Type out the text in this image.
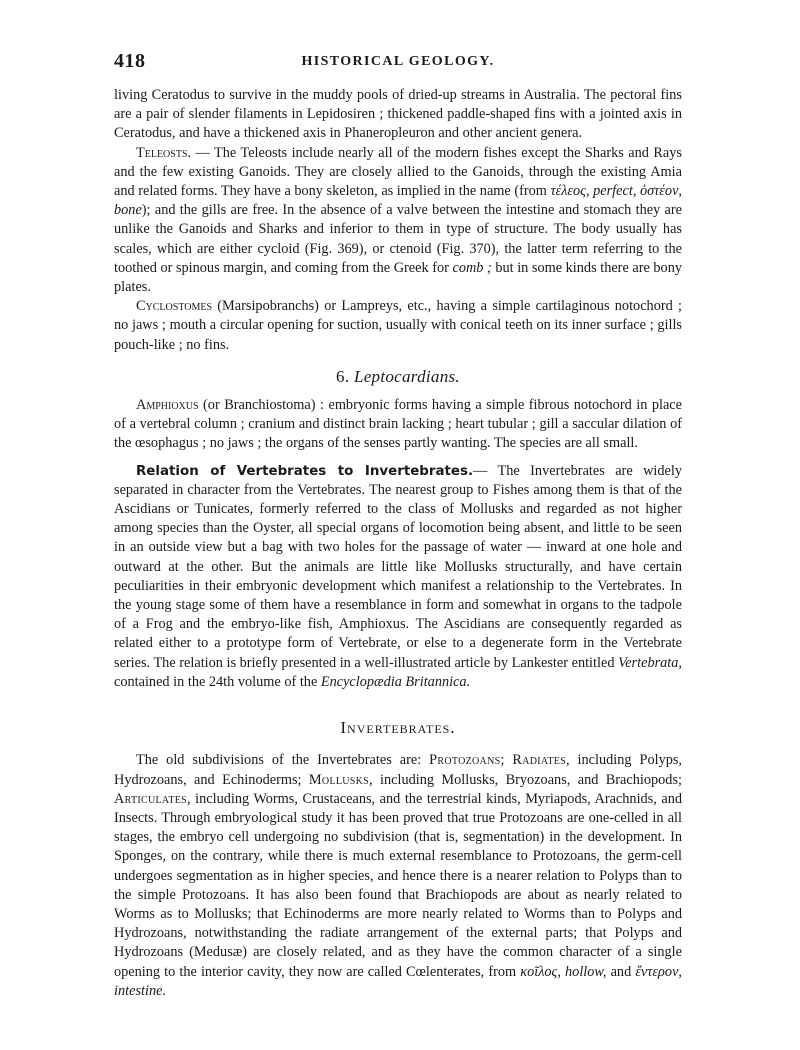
418	HISTORICAL GEOLOGY.

living Ceratodus to survive in the muddy pools of dried-up streams in Australia. The pectoral fins are a pair of slender filaments in Lepidosiren ; thickened paddle-shaped fins with a jointed axis in Ceratodus, and have a thickened axis in Phaneropleuron and other ancient genera.

Teleosts. — The Teleosts include nearly all of the modern fishes except the Sharks and Rays and the few existing Ganoids. They are closely allied to the Ganoids, through the existing Amia and related forms. They have a bony skeleton, as implied in the name (from τέλεος, perfect, ὀστέον, bone); and the gills are free. In the absence of a valve between the intestine and stomach they are unlike the Ganoids and Sharks and inferior to them in type of structure. The body usually has scales, which are either cycloid (Fig. 369), or ctenoid (Fig. 370), the latter term referring to the toothed or spinous margin, and coming from the Greek for comb ; but in some kinds there are bony plates.

Cyclostomes (Marsipobranchs) or Lampreys, etc., having a simple cartilaginous notochord ; no jaws ; mouth a circular opening for suction, usually with conical teeth on its inner surface ; gills pouch-like ; no fins.

6. Leptocardians.

Amphioxus (or Branchiostoma) : embryonic forms having a simple fibrous notochord in place of a vertebral column ; cranium and distinct brain lacking ; heart tubular ; gill a saccular dilation of the œsophagus ; no jaws ; the organs of the senses partly wanting. The species are all small.

Relation of Vertebrates to Invertebrates.— The Invertebrates are widely separated in character from the Vertebrates. The nearest group to Fishes among them is that of the Ascidians or Tunicates, formerly referred to the class of Mollusks and regarded as not higher among species than the Oyster, all special organs of locomotion being absent, and little to be seen in an outside view but a bag with two holes for the passage of water — inward at one hole and outward at the other. But the animals are little like Mollusks structurally, and have certain peculiarities in their embryonic development which manifest a relationship to the Vertebrates. In the young stage some of them have a resemblance in form and somewhat in organs to the tadpole of a Frog and the embryo-like fish, Amphioxus. The Ascidians are consequently regarded as related either to a prototype form of Vertebrate, or else to a degenerate form in the Vertebrate series. The relation is briefly presented in a well-illustrated article by Lankester entitled Vertebrata, contained in the 24th volume of the Encyclopædia Britannica.

Invertebrates.

The old subdivisions of the Invertebrates are: Protozoans; Radiates, including Polyps, Hydrozoans, and Echinoderms; Mollusks, including Mollusks, Bryozoans, and Brachiopods; Articulates, including Worms, Crustaceans, and the terrestrial kinds, Myriapods, Arachnids, and Insects. Through embryological study it has been proved that true Protozoans are one-celled in all stages, the embryo cell undergoing no subdivision (that is, segmentation) in the development. In Sponges, on the contrary, while there is much external resemblance to Protozoans, the germ-cell undergoes segmentation as in higher species, and hence there is a nearer relation to Polyps than to the simple Protozoans. It has also been found that Brachiopods are about as nearly related to Worms as to Mollusks; that Echinoderms are more nearly related to Worms than to Polyps and Hydrozoans, notwithstanding the radiate arrangement of the external parts; that Polyps and Hydrozoans (Medusæ) are closely related, and as they have the common character of a single opening to the interior cavity, they now are called Cœlenterates, from κοῖλος, hollow, and ἔντερον, intestine.
